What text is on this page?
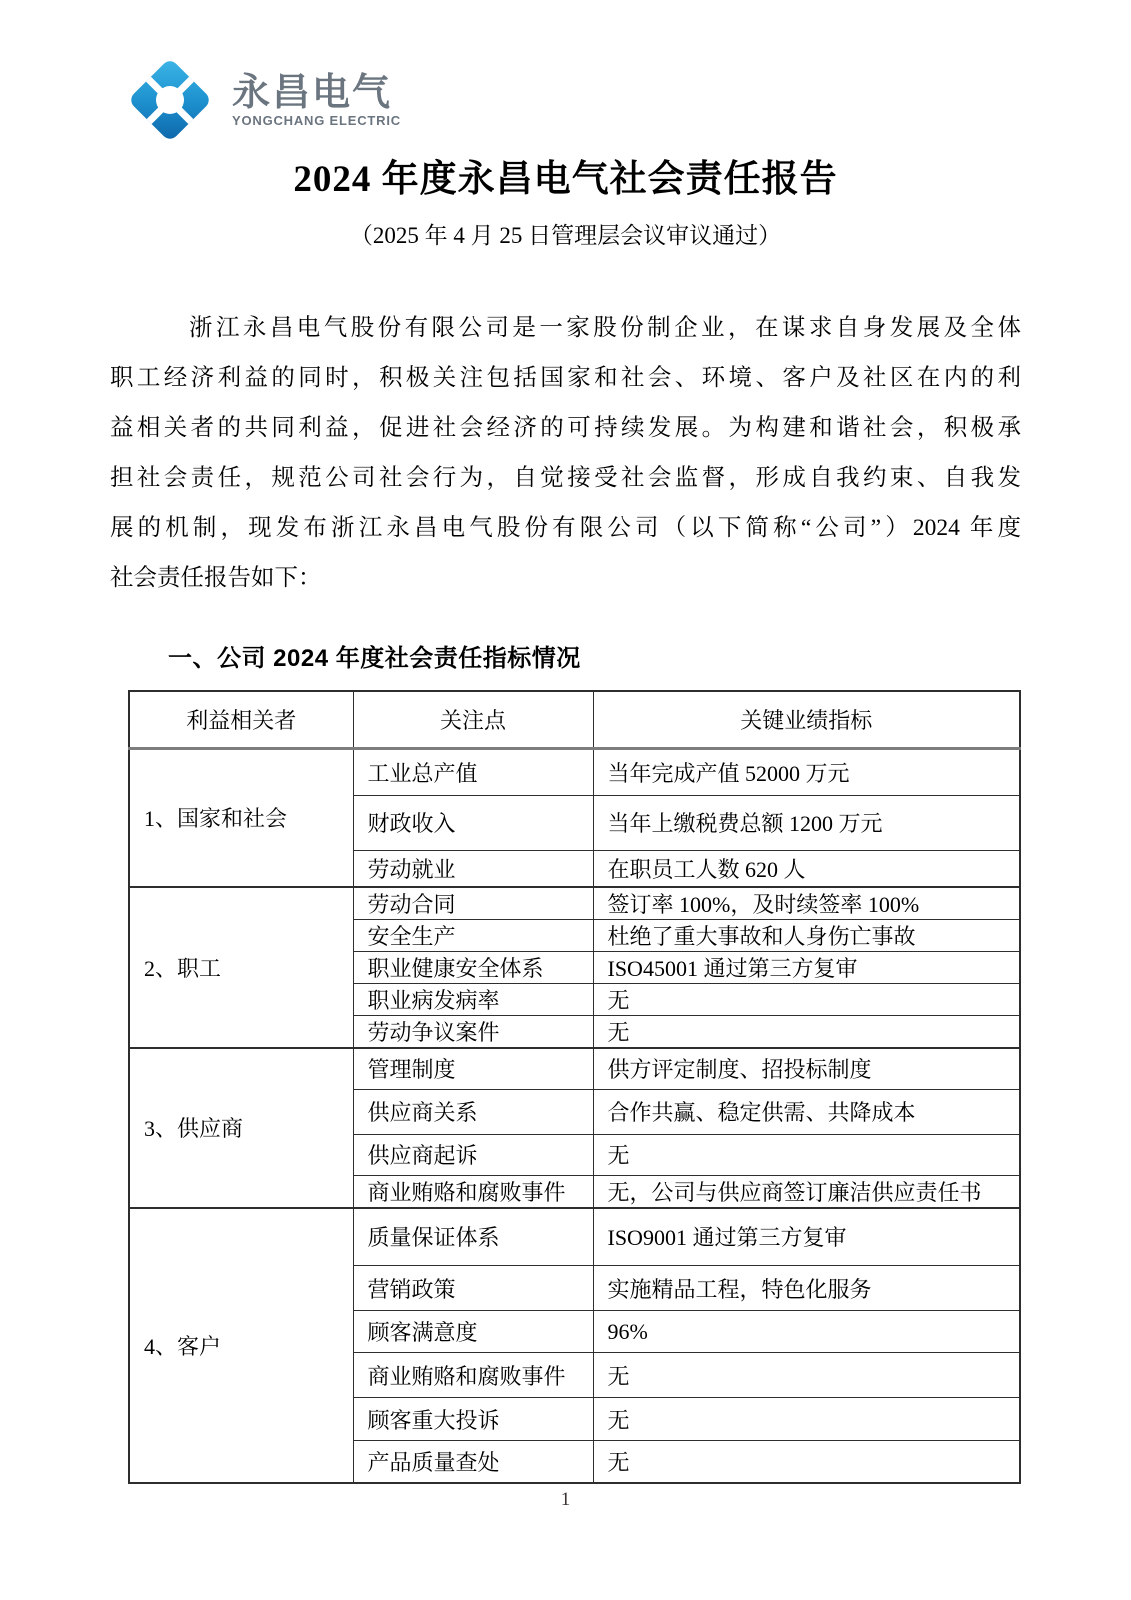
永昌电气
YONGCHANG ELECTRIC
2024 年度永昌电气社会责任报告
（2025 年 4 月 25 日管理层会议审议通过）
浙江永昌电气股份有限公司是一家股份制企业，在谋求自身发展及全体
职工经济利益的同时，积极关注包括国家和社会、环境、客户及社区在内的利
益相关者的共同利益，促进社会经济的可持续发展。为构建和谐社会，积极承
担社会责任，规范公司社会行为，自觉接受社会监督，形成自我约束、自我发
展的机制，现发布浙江永昌电气股份有限公司（以下简称“公司”）2024 年度
社会责任报告如下：
一、公司 2024 年度社会责任指标情况
利益相关者	关注点	关键业绩指标
1、国家和社会	工业总产值	当年完成产值 52000 万元
	财政收入	当年上缴税费总额 1200 万元
	劳动就业	在职员工人数 620 人
2、职工	劳动合同	签订率 100%，及时续签率 100%
	安全生产	杜绝了重大事故和人身伤亡事故
	职业健康安全体系	ISO45001 通过第三方复审
	职业病发病率	无
	劳动争议案件	无
3、供应商	管理制度	供方评定制度、招投标制度
	供应商关系	合作共赢、稳定供需、共降成本
	供应商起诉	无
	商业贿赂和腐败事件	无，公司与供应商签订廉洁供应责任书
4、客户	质量保证体系	ISO9001 通过第三方复审
	营销政策	实施精品工程，特色化服务
	顾客满意度	96%
	商业贿赂和腐败事件	无
	顾客重大投诉	无
	产品质量查处	无
1
